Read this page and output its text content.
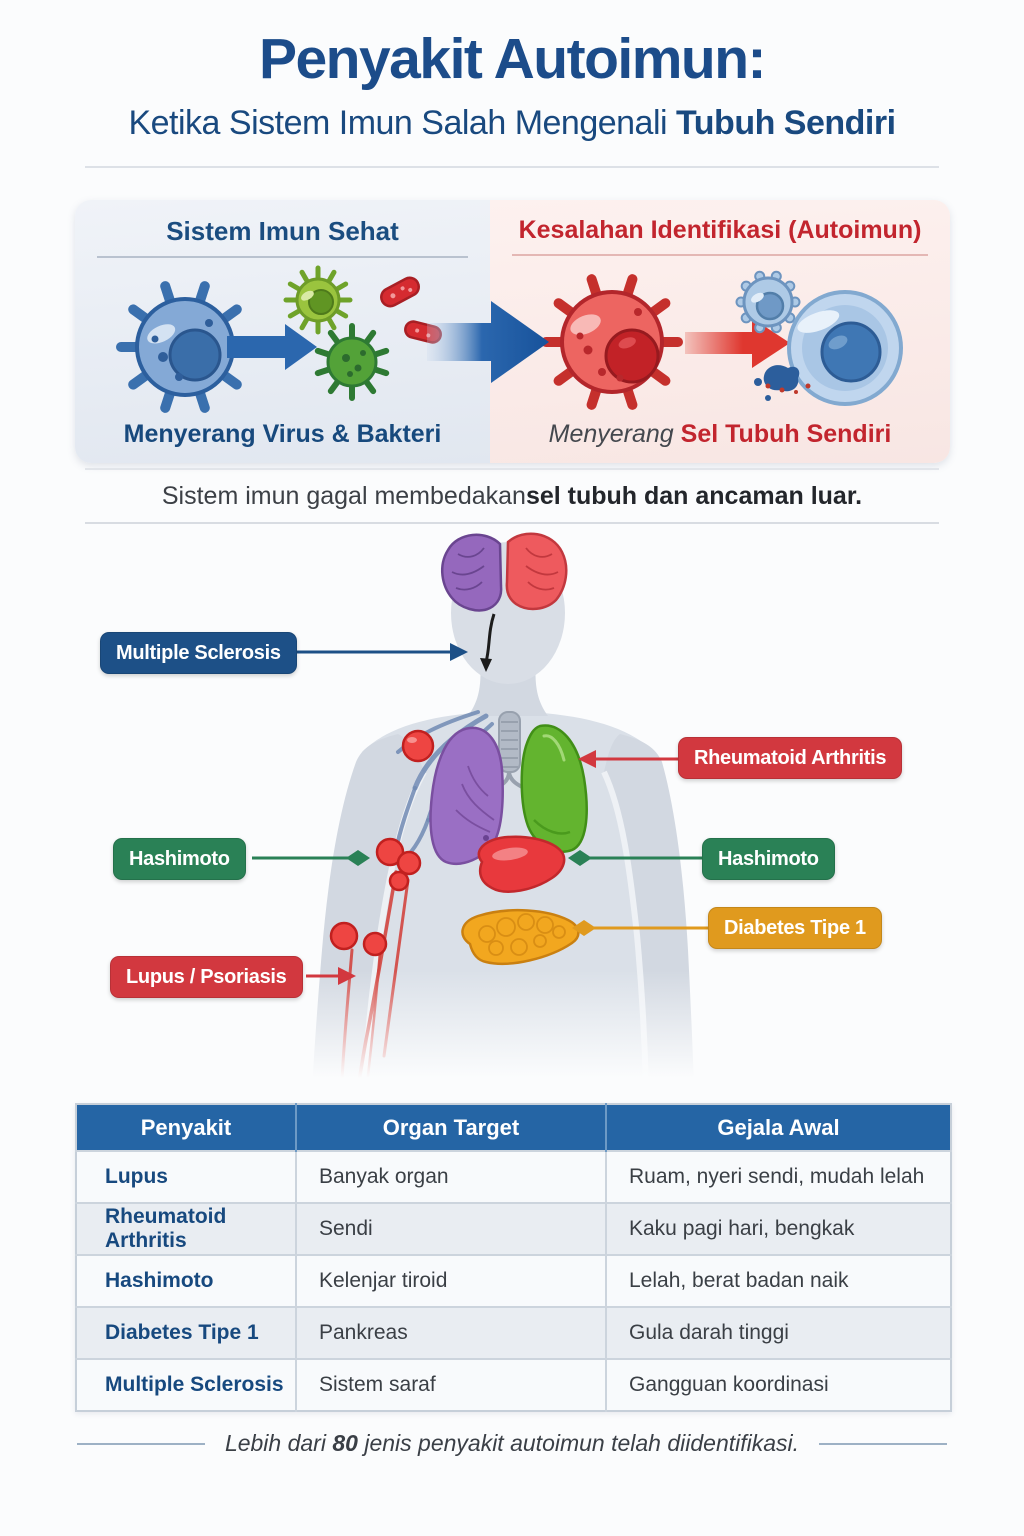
Penyakit Autoimun:
Ketika Sistem Imun Salah Mengenali Tubuh Sendiri
Sistem Imun Sehat
Menyerang Virus & Bakteri
Kesalahan Identifikasi (Autoimun)
Menyerang Sel Tubuh Sendiri
Sistem imun gagal membedakan sel tubuh dan ancaman luar.
Multiple Sclerosis
Rheumatoid Arthritis
Hashimoto	Hashimoto
Diabetes Tipe 1
Lupus / Psoriasis
Penyakit	Organ Target	Gejala Awal
Lupus	Banyak organ	Ruam, nyeri sendi, mudah lelah
Rheumatoid Arthritis	Sendi	Kaku pagi hari, bengkak
Hashimoto	Kelenjar tiroid	Lelah, berat badan naik
Diabetes Tipe 1	Pankreas	Gula darah tinggi
Multiple Sclerosis	Sistem saraf	Gangguan koordinasi
Lebih dari 80 jenis penyakit autoimun telah diidentifikasi.
